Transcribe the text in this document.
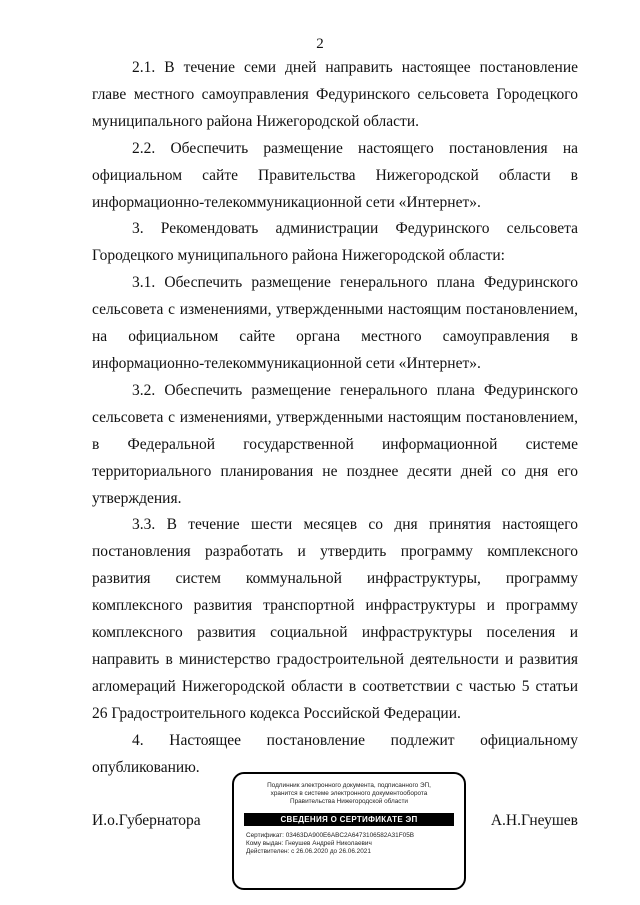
2

2.1. В течение семи дней направить настоящее постановление главе местного самоуправления Федуринского сельсовета Городецкого муниципального района Нижегородской области.

2.2. Обеспечить размещение настоящего постановления на официальном сайте Правительства Нижегородской области в информационно-телекоммуникационной сети «Интернет».

3. Рекомендовать администрации Федуринского сельсовета Городецкого муниципального района Нижегородской области:

3.1. Обеспечить размещение генерального плана Федуринского сельсовета с изменениями, утвержденными настоящим постановлением, на официальном сайте органа местного самоуправления в информационно-телекоммуникационной сети «Интернет».

3.2. Обеспечить размещение генерального плана Федуринского сельсовета с изменениями, утвержденными настоящим постановлением, в Федеральной государственной информационной системе территориального планирования не позднее десяти дней со дня его утверждения.

3.3. В течение шести месяцев со дня принятия настоящего постановления разработать и утвердить программу комплексного развития систем коммунальной инфраструктуры, программу комплексного развития транспортной инфраструктуры и программу комплексного развития социальной инфраструктуры поселения и направить в министерство градостроительной деятельности и развития агломераций Нижегородской области в соответствии с частью 5 статьи 26 Градостроительного кодекса Российской Федерации.

4. Настоящее постановление подлежит официальному опубликованию.

И.о.Губернатора
Подлинник электронного документа, подписанного ЭП,
хранится в системе электронного документооборота
Правительства Нижегородской области
СВЕДЕНИЯ О СЕРТИФИКАТЕ ЭП
Сертификат: 03463DA900E6ABC2A6473106582A31F05B
Кому выдан: Гнеушев Андрей Николаевич
Действителен: с 26.06.2020 до 26.06.2021
А.Н.Гнеушев
